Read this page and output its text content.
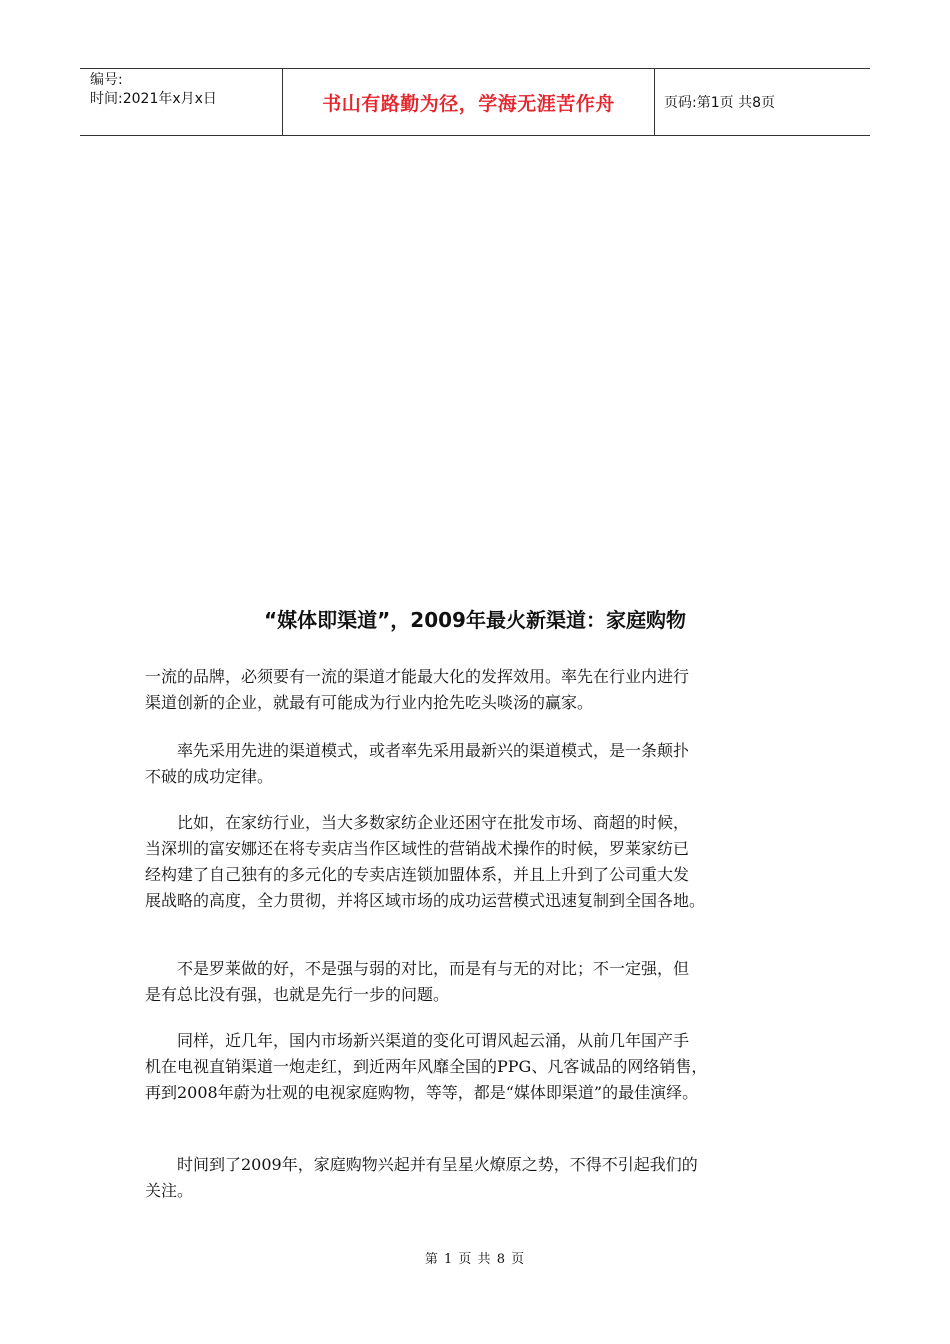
编号:
时间:2021年x月x日	书山有路勤为径，学海无涯苦作舟	页码:第1页 共8页
“媒体即渠道”，2009年最火新渠道：家庭购物
一流的品牌，必须要有一流的渠道才能最大化的发挥效用。率先在行业内进行
渠道创新的企业，就最有可能成为行业内抢先吃头啖汤的赢家。
　　率先采用先进的渠道模式，或者率先采用最新兴的渠道模式，是一条颠扑
不破的成功定律。
　　比如，在家纺行业，当大多数家纺企业还困守在批发市场、商超的时候，
当深圳的富安娜还在将专卖店当作区域性的营销战术操作的时候，罗莱家纺已
经构建了自己独有的多元化的专卖店连锁加盟体系，并且上升到了公司重大发
展战略的高度，全力贯彻，并将区域市场的成功运营模式迅速复制到全国各地。
　　不是罗莱做的好，不是强与弱的对比，而是有与无的对比；不一定强，但
是有总比没有强，也就是先行一步的问题。
　　同样，近几年，国内市场新兴渠道的变化可谓风起云涌，从前几年国产手
机在电视直销渠道一炮走红，到近两年风靡全国的PPG、凡客诚品的网络销售，
再到2008年蔚为壮观的电视家庭购物，等等，都是“媒体即渠道”的最佳演绎。
　　时间到了2009年，家庭购物兴起并有呈星火燎原之势，不得不引起我们的
关注。
第 1 页 共 8 页
